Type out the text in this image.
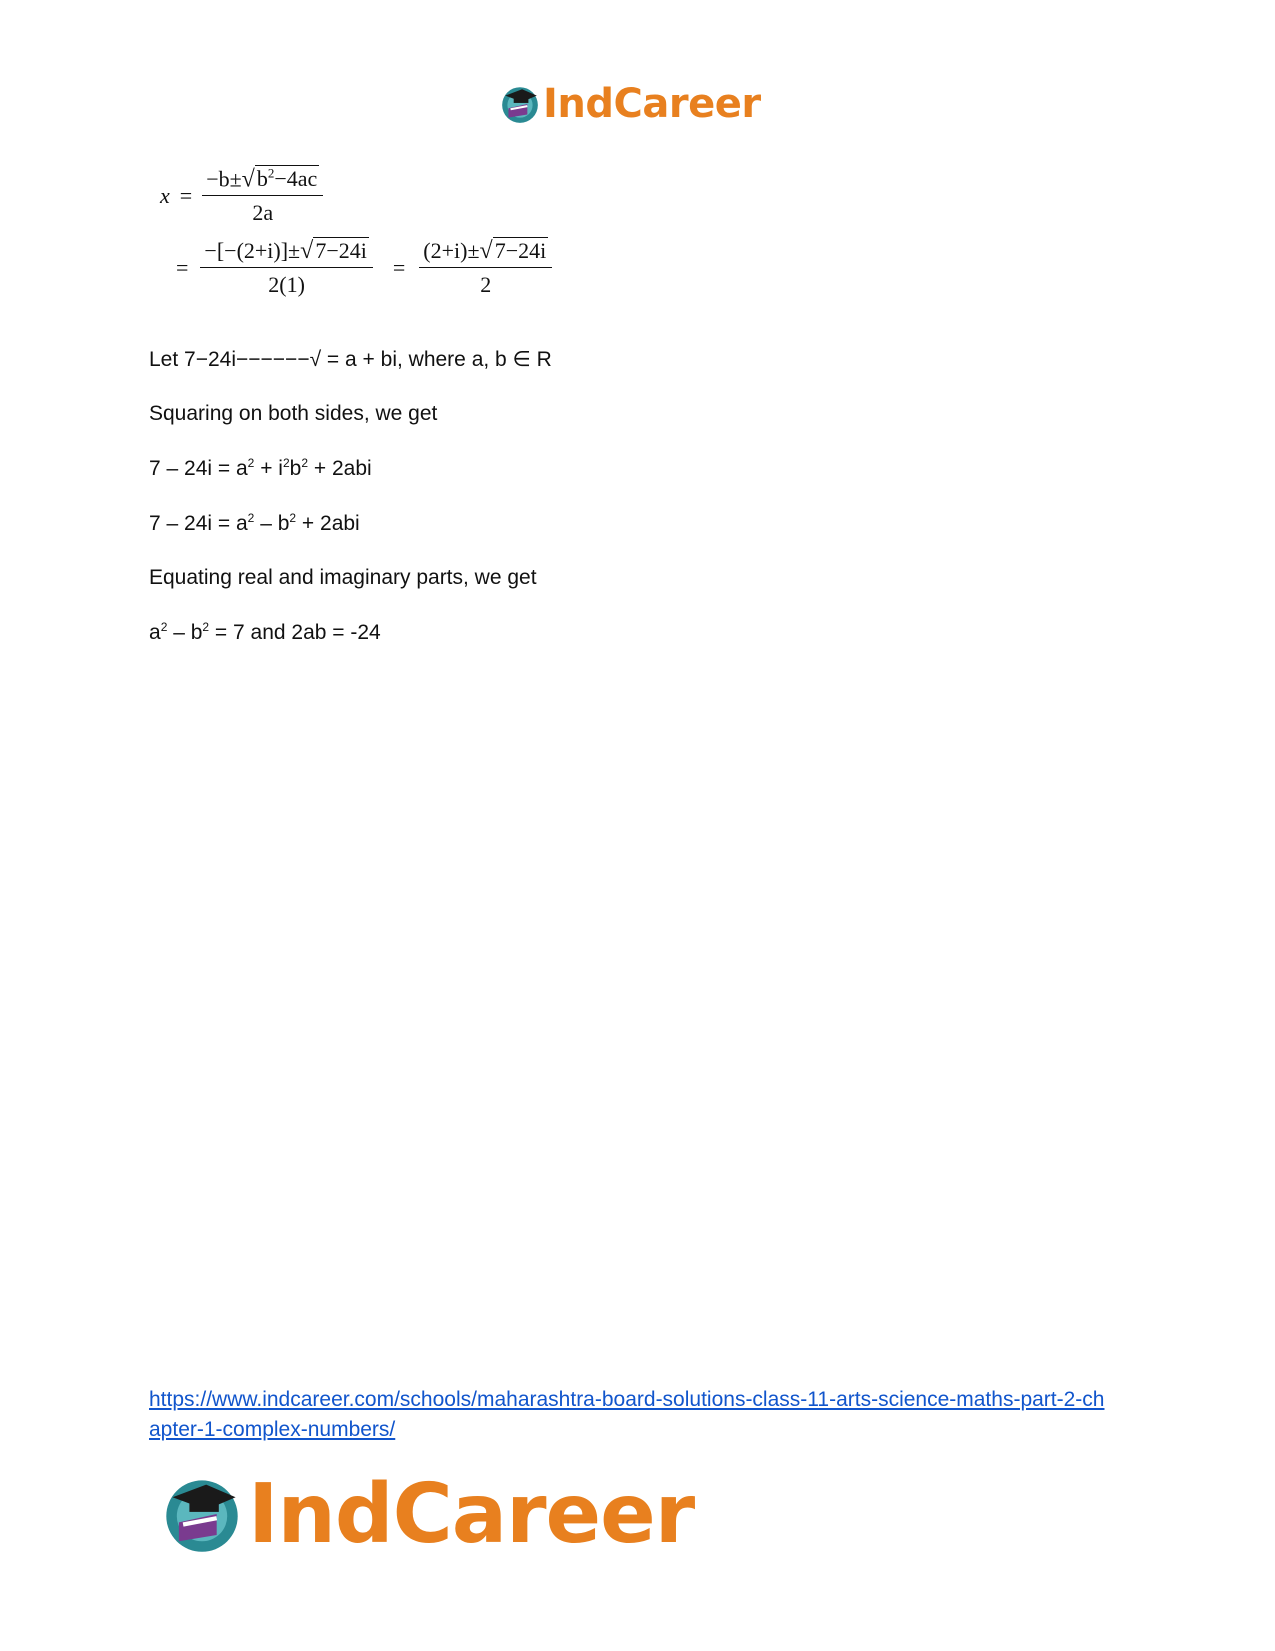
IndCareer
$x = \frac{-b\pm√b^2-4ac}{2a}$
= $\frac{-[-(2+i)]\pm√7-24i}{2(1)} = \frac{(2+i)\pm√7-24i}{2}$
Let 7−24i−−−−−−√ = a + bi, where a, b ∈ R
Squaring on both sides, we get
$7 - 24i = a^2 + i^2b^2 + 2abi$
$7 - 24i = a^2 - b^2 + 2abi$
Equating real and imaginary parts, we get
$a^2 - b^2 = 7$ and 2ab = -24
https://www.indcareer.com/schools/maharashtra-board-solutions-class-11-arts-science-maths-part-2-chapter-1-complex-numbers/
IndCareer
